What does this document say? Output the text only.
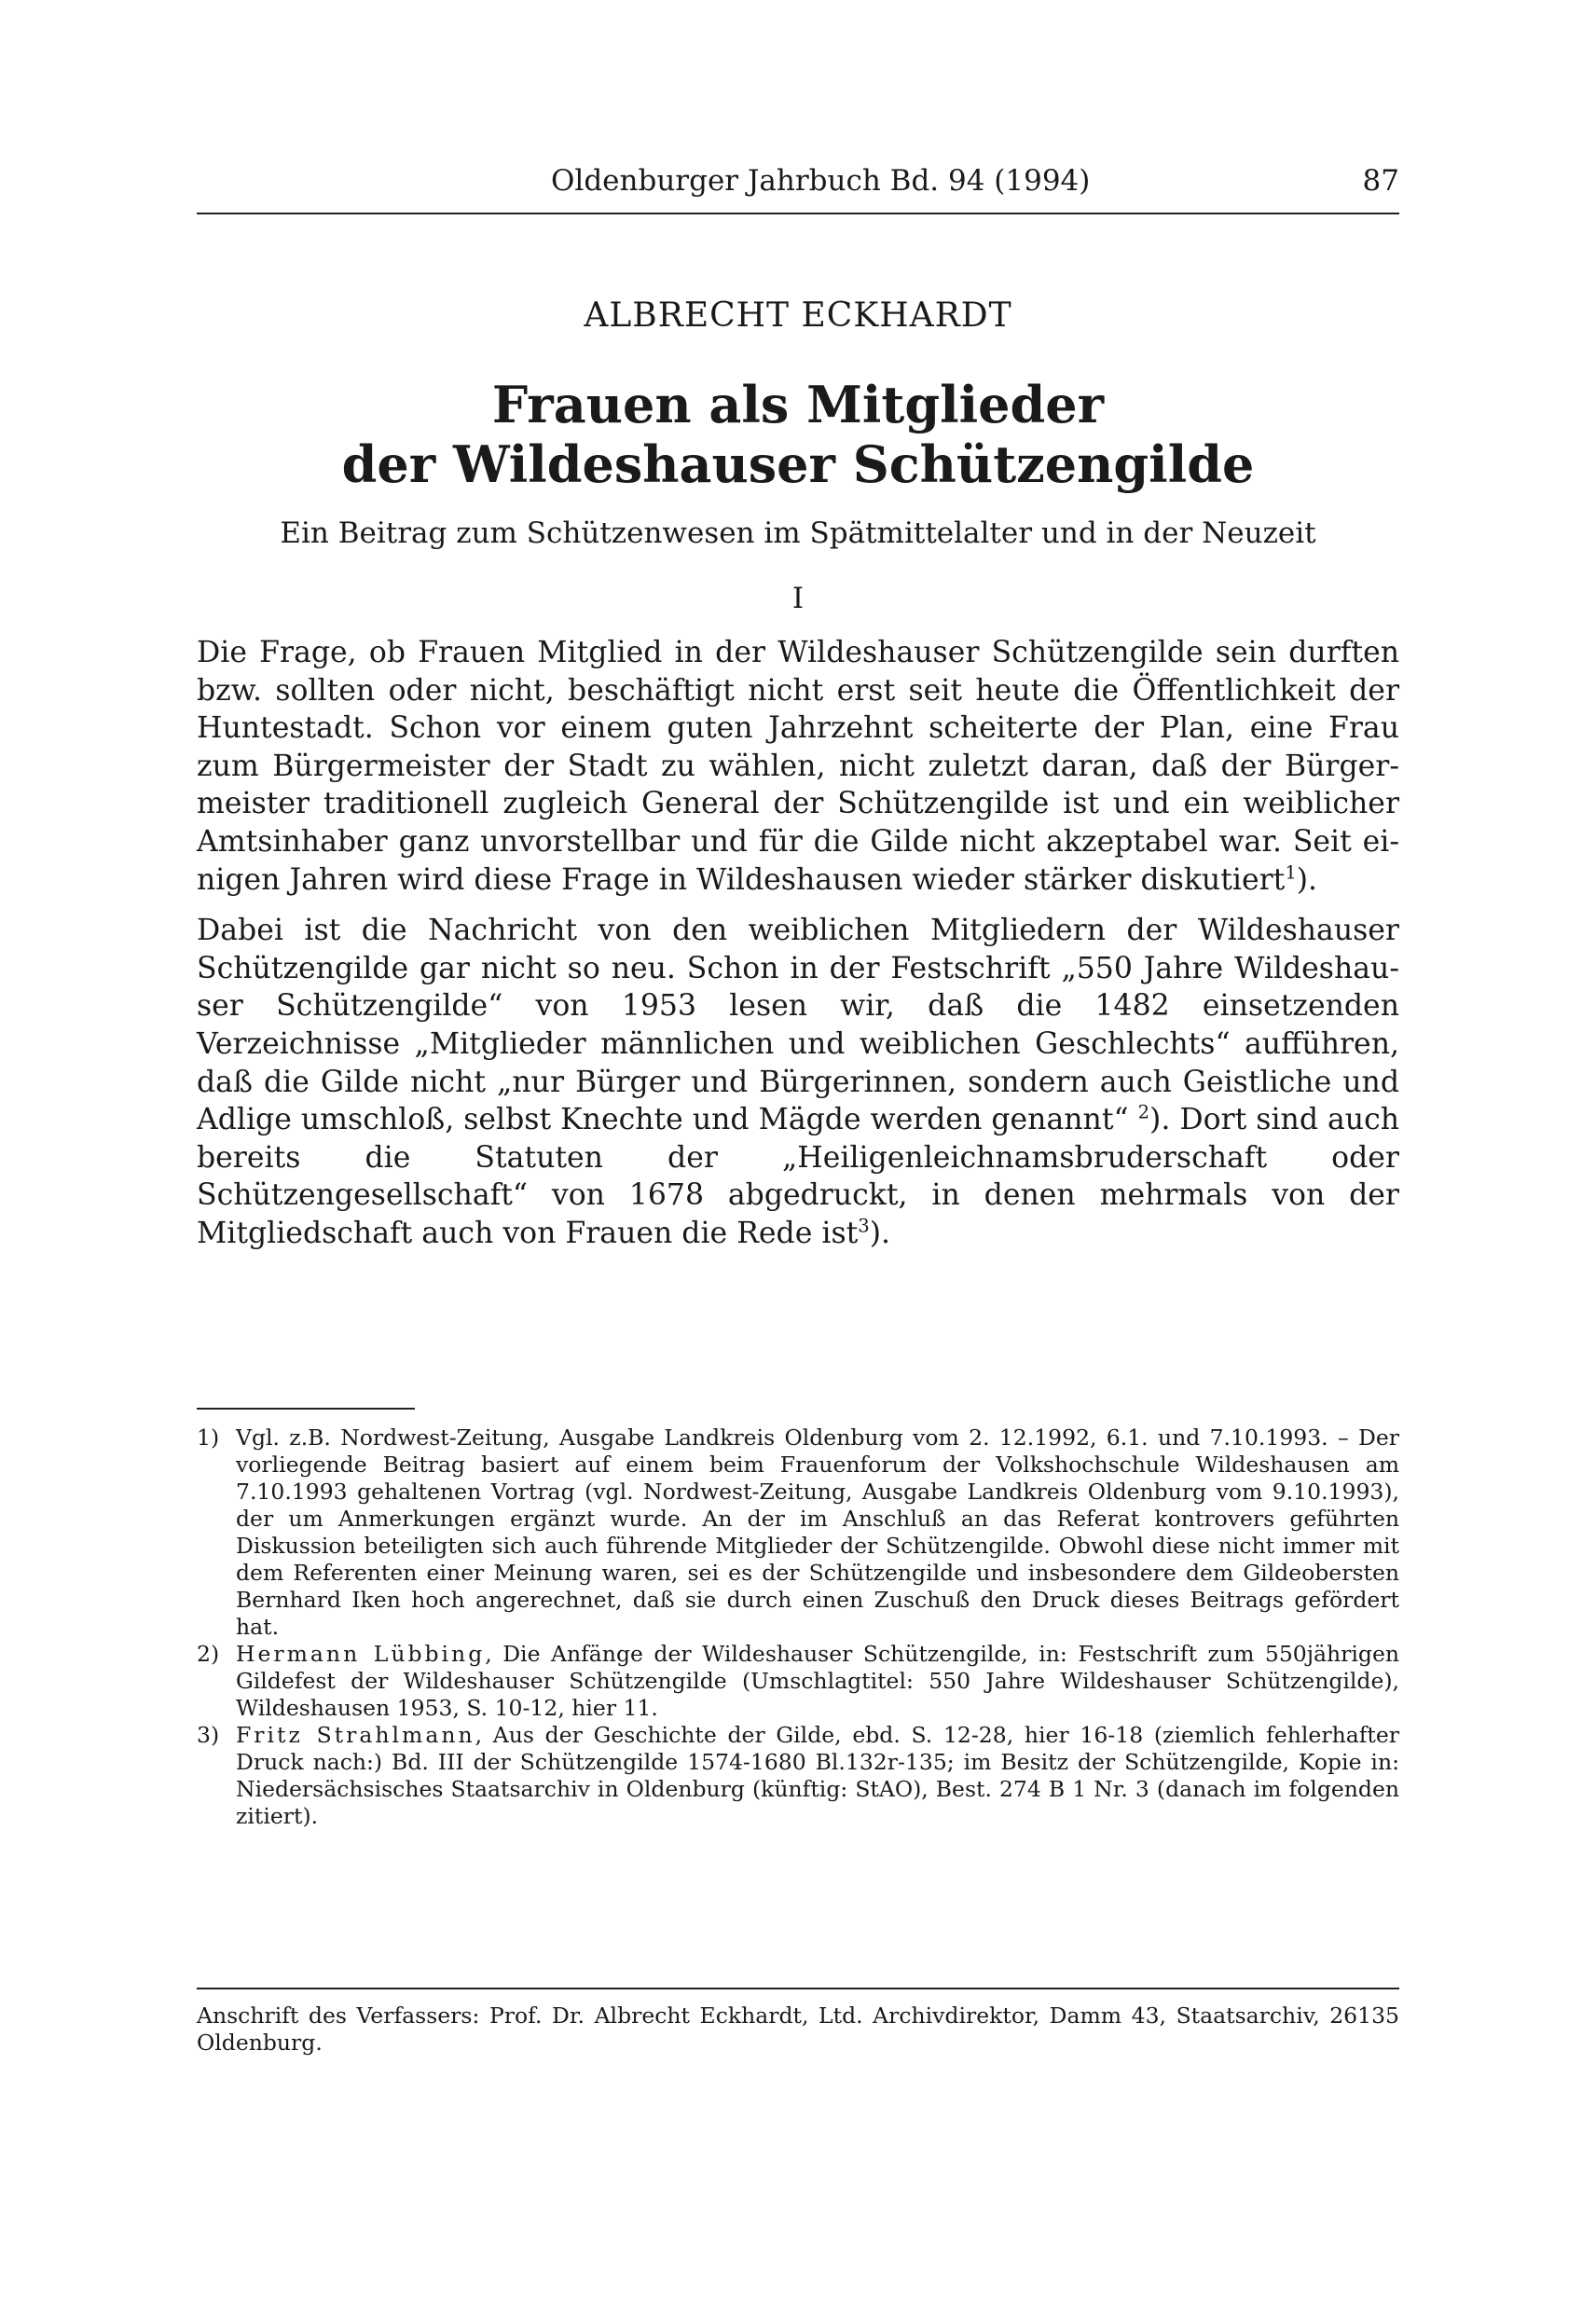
Oldenburger Jahrbuch Bd. 94 (1994)	87
ALBRECHT ECKHARDT
Frauen als Mitglieder
der Wildeshauser Schützengilde
Ein Beitrag zum Schützenwesen im Spätmittelalter und in der Neuzeit
I

Die Frage, ob Frauen Mitglied in der Wildeshauser Schützengilde sein durften bzw. sollten oder nicht, beschäftigt nicht erst seit heute die Öffentlichkeit der Huntestadt. Schon vor einem guten Jahrzehnt scheiterte der Plan, eine Frau zum Bürgermeister der Stadt zu wählen, nicht zuletzt daran, daß der Bürgermeister traditionell zugleich General der Schützengilde ist und ein weiblicher Amtsinhaber ganz unvorstellbar und für die Gilde nicht akzeptabel war. Seit einigen Jahren wird diese Frage in Wildeshausen wieder stärker diskutiert$^1$).

Dabei ist die Nachricht von den weiblichen Mitgliedern der Wildeshauser Schützengilde gar nicht so neu. Schon in der Festschrift „550 Jahre Wildeshauser Schützengilde“ von 1953 lesen wir, daß die 1482 einsetzenden Verzeichnisse „Mitglieder männlichen und weiblichen Geschlechts“ aufführen, daß die Gilde nicht „nur Bürger und Bürgerinnen, sondern auch Geistliche und Adlige umschloß, selbst Knechte und Mägde werden genannt“ $^2$). Dort sind auch bereits die Statuten der „Heiligenleichnamsbruderschaft oder Schützengesellschaft“ von 1678 abgedruckt, in denen mehrmals von der Mitgliedschaft auch von Frauen die Rede ist$^3$).

1) Vgl. z.B. Nordwest-Zeitung, Ausgabe Landkreis Oldenburg vom 2. 12.1992, 6.1. und 7.10.1993. – Der vorliegende Beitrag basiert auf einem beim Frauenforum der Volkshochschule Wildeshausen am 7.10.1993 gehaltenen Vortrag (vgl. Nordwest-Zeitung, Ausgabe Landkreis Oldenburg vom 9.10.1993), der um Anmerkungen ergänzt wurde. An der im Anschluß an das Referat kontrovers geführten Diskussion beteiligten sich auch führende Mitglieder der Schützengilde. Obwohl diese nicht immer mit dem Referenten einer Meinung waren, sei es der Schützengilde und insbesondere dem Gildeobersten Bernhard Iken hoch angerechnet, daß sie durch einen Zuschuß den Druck dieses Beitrags gefördert hat.
2) Hermann Lübbing, Die Anfänge der Wildeshauser Schützengilde, in: Festschrift zum 550jährigen Gildefest der Wildeshauser Schützengilde (Umschlagtitel: 550 Jahre Wildeshauser Schützengilde), Wildeshausen 1953, S. 10-12, hier 11.
3) Fritz Strahlmann, Aus der Geschichte der Gilde, ebd. S. 12-28, hier 16-18 (ziemlich fehlerhafter Druck nach:) Bd. III der Schützengilde 1574-1680 Bl.132r-135; im Besitz der Schützengilde, Kopie in: Niedersächsisches Staatsarchiv in Oldenburg (künftig: StAO), Best. 274 B 1 Nr. 3 (danach im folgenden zitiert).
Anschrift des Verfassers: Prof. Dr. Albrecht Eckhardt, Ltd. Archivdirektor, Damm 43, Staatsarchiv, 26135 Oldenburg.
